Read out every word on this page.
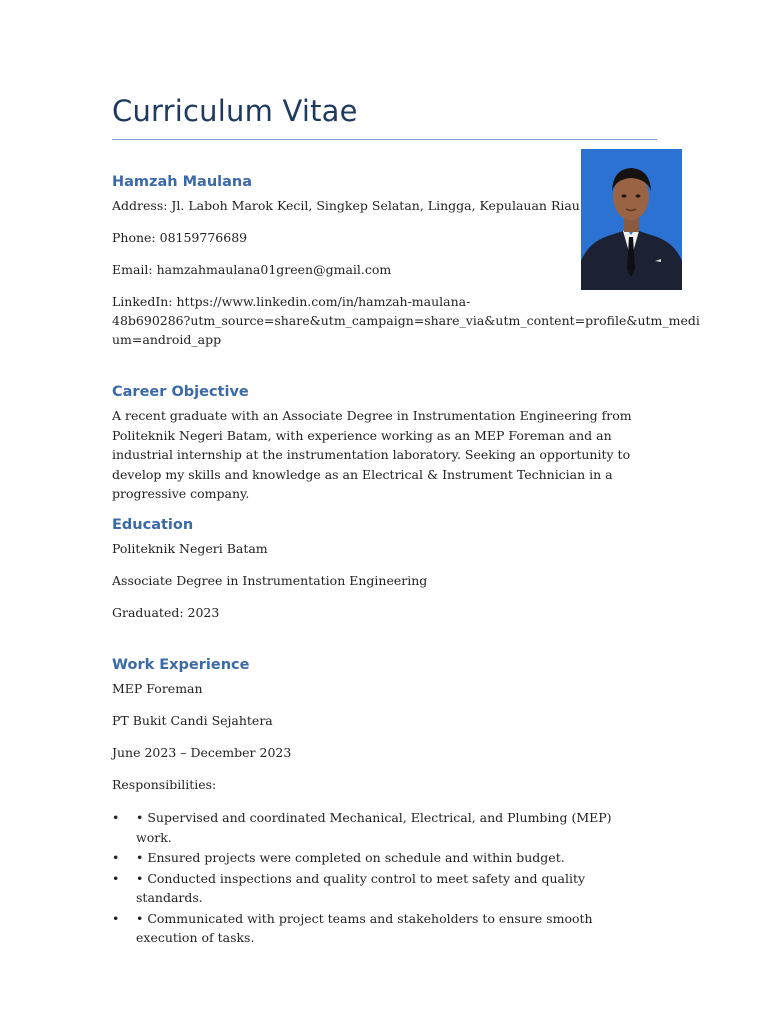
Curriculum Vitae
Hamzah Maulana

Address: Jl. Laboh Marok Kecil, Singkep Selatan, Lingga, Kepulauan Riau

Phone: 08159776689

Email: hamzahmaulana01green@gmail.com

LinkedIn: https://www.linkedin.com/in/hamzah-maulana-

48b690286?utm_source=share&utm_campaign=share_via&utm_content=profile&utm_medi

um=android_app

Career Objective

A recent graduate with an Associate Degree in Instrumentation Engineering from Politeknik Negeri Batam, with experience working as an MEP Foreman and an industrial internship at the instrumentation laboratory. Seeking an opportunity to develop my skills and knowledge as an Electrical & Instrument Technician in a progressive company.

Education

Politeknik Negeri Batam

Associate Degree in Instrumentation Engineering

Graduated: 2023

Work Experience

MEP Foreman

PT Bukit Candi Sejahtera

June 2023 – December 2023

Responsibilities:

• • Supervised and coordinated Mechanical, Electrical, and Plumbing (MEP) work.
• • Ensured projects were completed on schedule and within budget.
• • Conducted inspections and quality control to meet safety and quality standards.
• • Communicated with project teams and stakeholders to ensure smooth execution of tasks.
